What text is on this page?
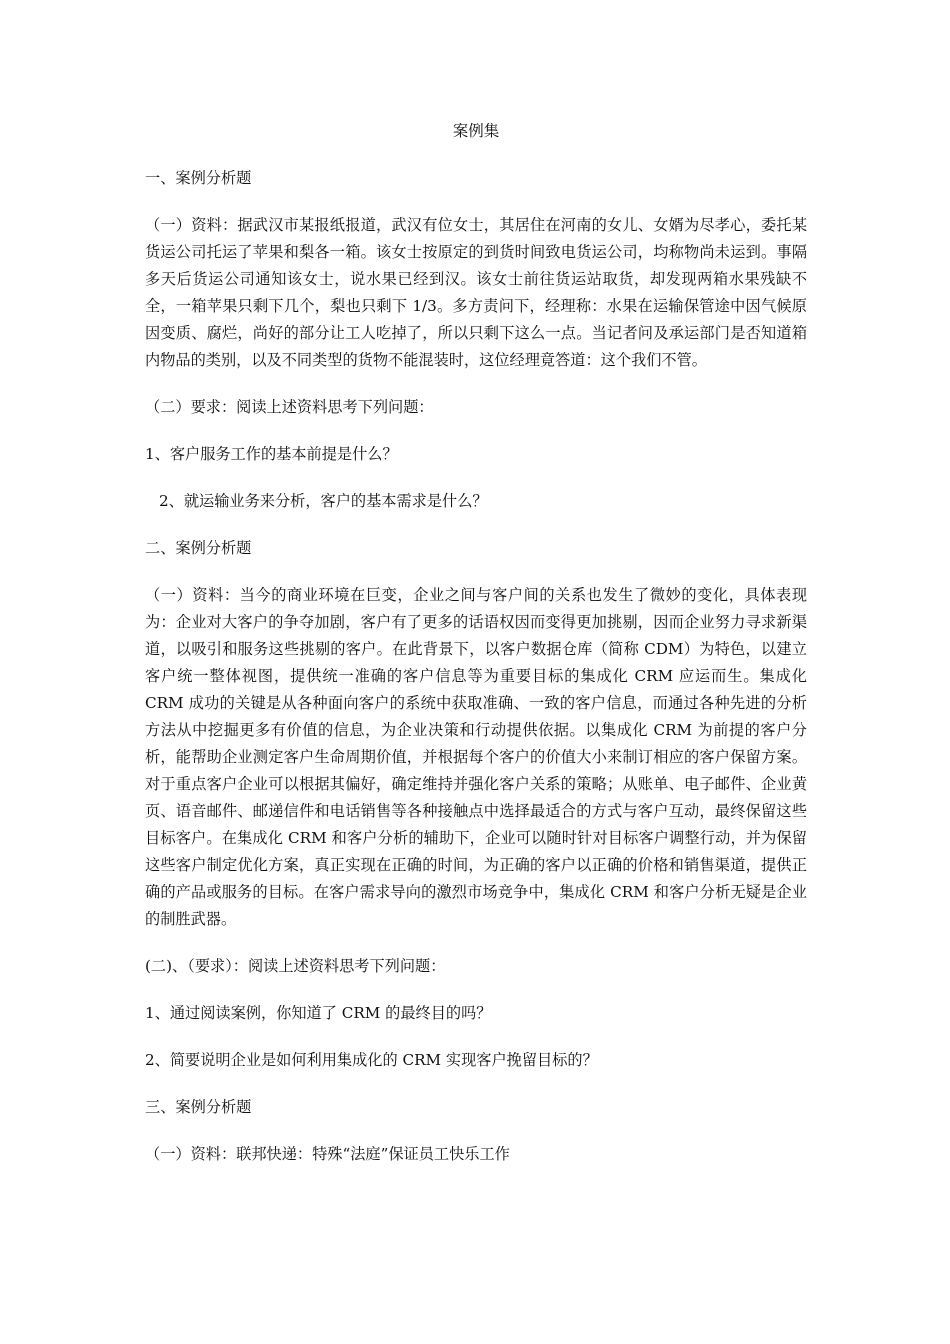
案例集
一、案例分析题
（一）资料：据武汉市某报纸报道，武汉有位女士，其居住在河南的女儿、女婿为尽孝心，委托某货运公司托运了苹果和梨各一箱。该女士按原定的到货时间致电货运公司，均称物尚未运到。事隔多天后货运公司通知该女士，说水果已经到汉。该女士前往货运站取货，却发现两箱水果残缺不全，一箱苹果只剩下几个，梨也只剩下 1/3。多方责问下，经理称：水果在运输保管途中因气候原因变质、腐烂，尚好的部分让工人吃掉了，所以只剩下这么一点。当记者问及承运部门是否知道箱内物品的类别，以及不同类型的货物不能混装时，这位经理竟答道：这个我们不管。
（二）要求：阅读上述资料思考下列问题：
1、客户服务工作的基本前提是什么？
2、就运输业务来分析，客户的基本需求是什么？
二、案例分析题
（一）资料：当今的商业环境在巨变，企业之间与客户间的关系也发生了微妙的变化，具体表现为：企业对大客户的争夺加剧，客户有了更多的话语权因而变得更加挑剔，因而企业努力寻求新渠道，以吸引和服务这些挑剔的客户。在此背景下，以客户数据仓库（简称 CDM）为特色，以建立客户统一整体视图，提供统一准确的客户信息等为重要目标的集成化 CRM 应运而生。集成化 CRM 成功的关键是从各种面向客户的系统中获取准确、一致的客户信息，而通过各种先进的分析方法从中挖掘更多有价值的信息，为企业决策和行动提供依据。以集成化 CRM 为前提的客户分析，能帮助企业测定客户生命周期价值，并根据每个客户的价值大小来制订相应的客户保留方案。对于重点客户企业可以根据其偏好，确定维持并强化客户关系的策略；从账单、电子邮件、企业黄页、语音邮件、邮递信件和电话销售等各种接触点中选择最适合的方式与客户互动，最终保留这些目标客户。在集成化 CRM 和客户分析的辅助下，企业可以随时针对目标客户调整行动，并为保留这些客户制定优化方案，真正实现在正确的时间，为正确的客户以正确的价格和销售渠道，提供正确的产品或服务的目标。在客户需求导向的激烈市场竞争中，集成化 CRM 和客户分析无疑是企业的制胜武器。
(二)、（要求）：阅读上述资料思考下列问题：
1、通过阅读案例，你知道了 CRM 的最终目的吗？
2、简要说明企业是如何利用集成化的 CRM 实现客户挽留目标的？
三、案例分析题
（一）资料：联邦快递：特殊“法庭”保证员工快乐工作
